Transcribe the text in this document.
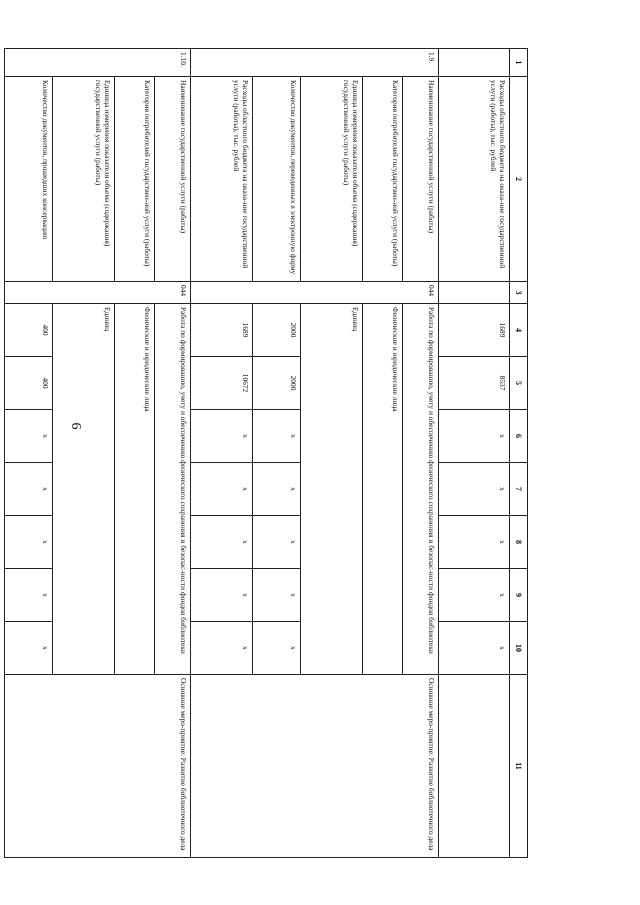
6
1	2	3	4	5	6	7	8	9	10	11
	Расходы областного бюджета на оказа-ние государственной услуги (работы), тыс. рублей		1689	8537	x	x	x	x	x	
1.9.	Наименование государственной услуги (работы)	044	Работа по формированию, учету и обеспечению физического сохранения и безопас-ности фондов библиотеки							Основное меро-приятие: Развитие библиотечного дела
	Категория потребителей государствен-ной услуги (работы)		Физические и юридические лица							
	Единица измерения показателя объема (содержания) государственной услуги (работы)		Единиц							
	Количество документов, переведенных в электронную форму		2000	2000	x	x	x	x	x	
	Расходы областного бюджета на оказа-ние государственной услуги (работы), тыс. рублей		1689	10672	x	x	x	x	x	
1.10.	Наименование государственной услуги (работы)	044	Работа по формированию, учету и обеспечению физического сохранения и безопас-ности фондов библиотеки							Основное меро-приятие: Развитие библиотечного дела
	Категория потребителей государствен-ной услуги (работы)		Физические и юридические лица							
	Единица измерения показателя объема (содержания) государственной услуги (работы)		Единиц							
	Количество документов, прошедших консервацию		400	400	x	x	x	x	x	
